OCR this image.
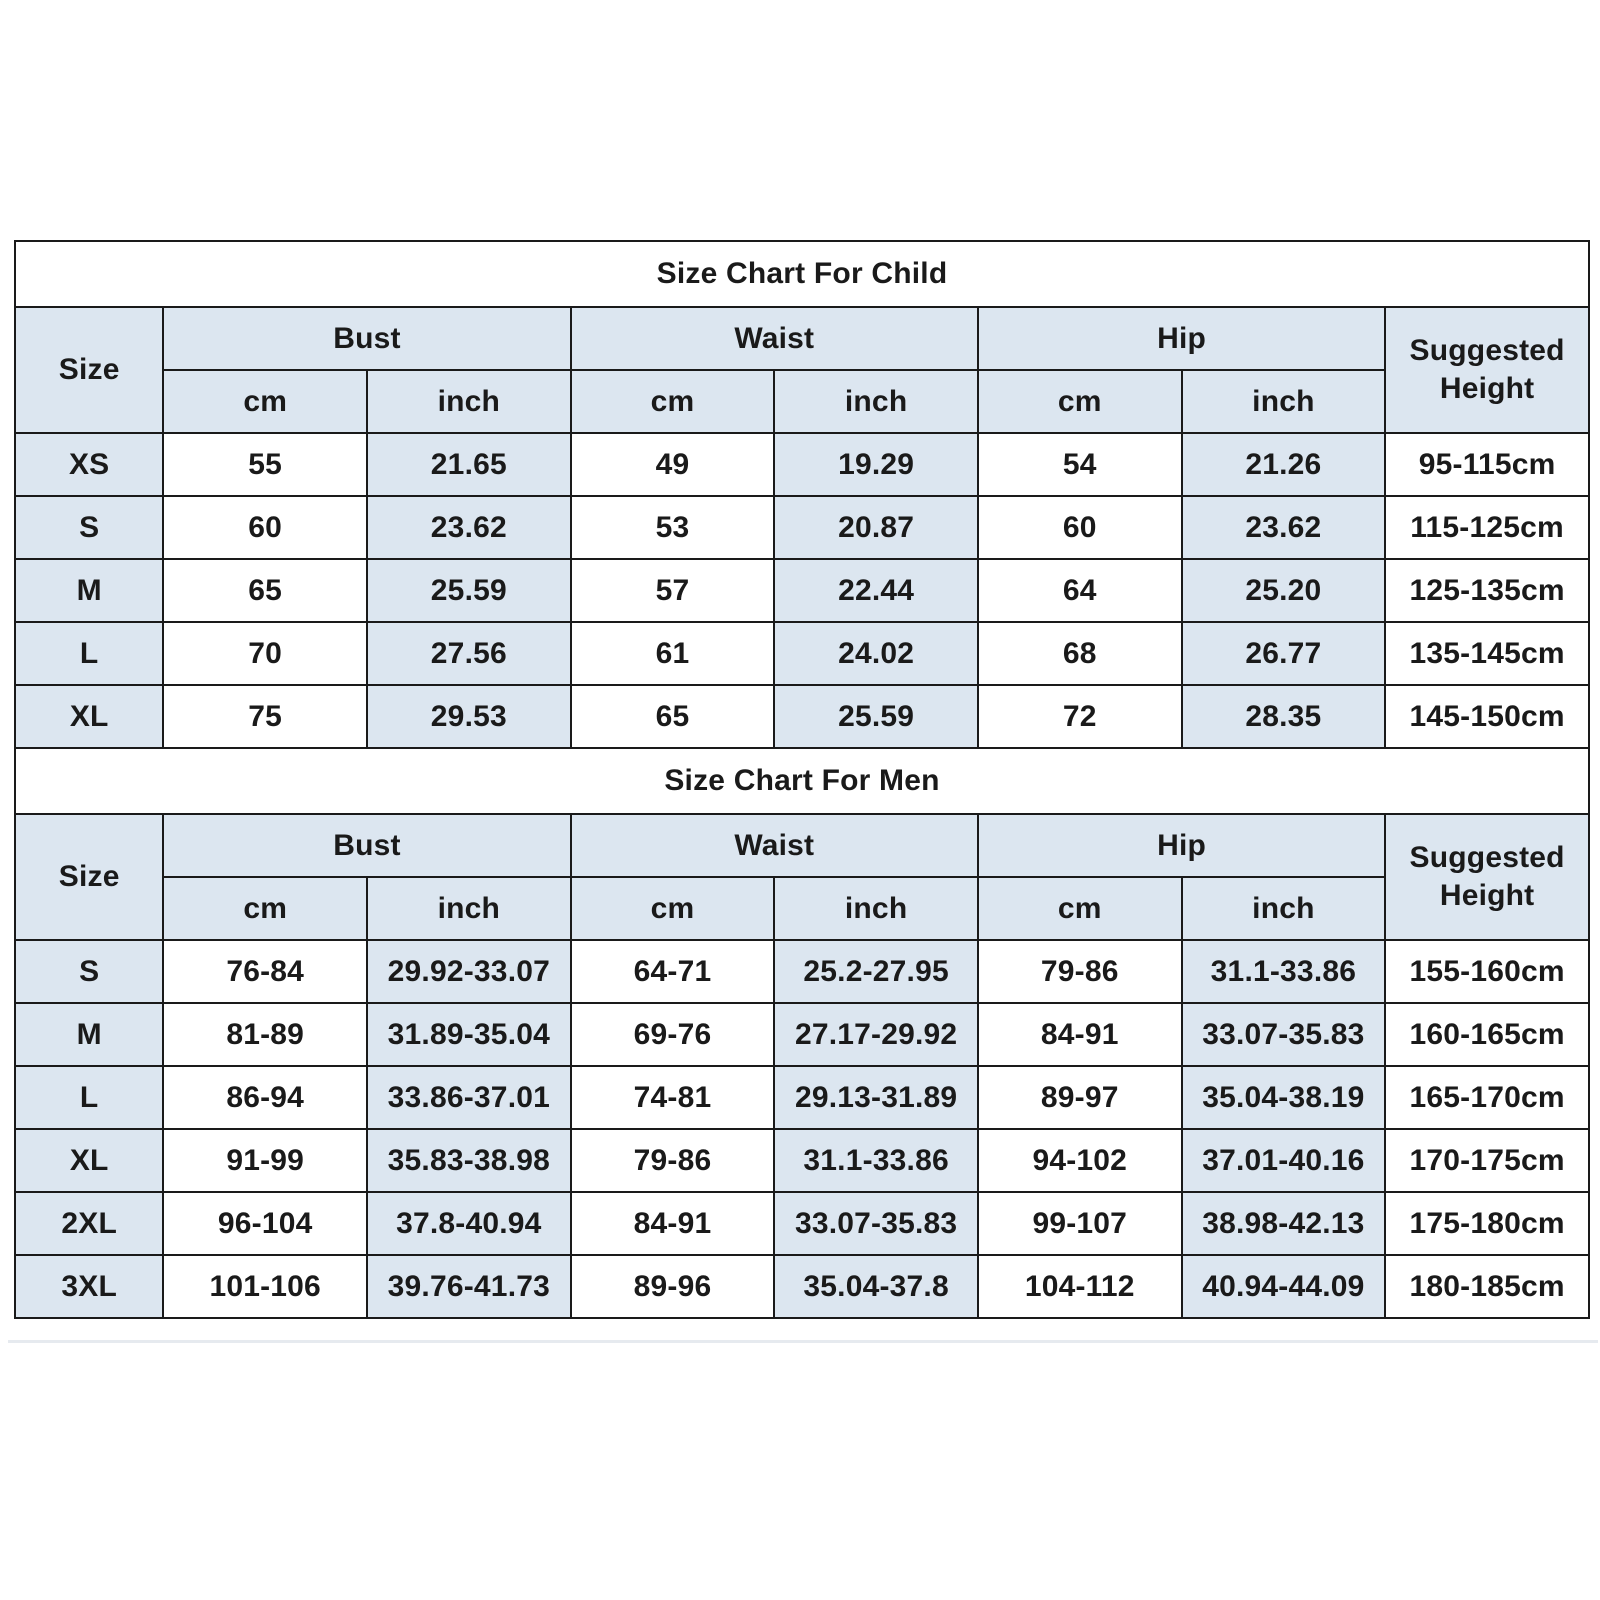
Size Chart For Child							
Size	Bust		Waist		Hip		Suggested Height
	cm	inch	cm	inch	cm	inch	
XS	55	21.65	49	19.29	54	21.26	95-115cm
S	60	23.62	53	20.87	60	23.62	115-125cm
M	65	25.59	57	22.44	64	25.20	125-135cm
L	70	27.56	61	24.02	68	26.77	135-145cm
XL	75	29.53	65	25.59	72	28.35	145-150cm
Size Chart For Men							
Size	Bust		Waist		Hip		Suggested Height
	cm	inch	cm	inch	cm	inch	
S	76-84	29.92-33.07	64-71	25.2-27.95	79-86	31.1-33.86	155-160cm
M	81-89	31.89-35.04	69-76	27.17-29.92	84-91	33.07-35.83	160-165cm
L	86-94	33.86-37.01	74-81	29.13-31.89	89-97	35.04-38.19	165-170cm
XL	91-99	35.83-38.98	79-86	31.1-33.86	94-102	37.01-40.16	170-175cm
2XL	96-104	37.8-40.94	84-91	33.07-35.83	99-107	38.98-42.13	175-180cm
3XL	101-106	39.76-41.73	89-96	35.04-37.8	104-112	40.94-44.09	180-185cm
